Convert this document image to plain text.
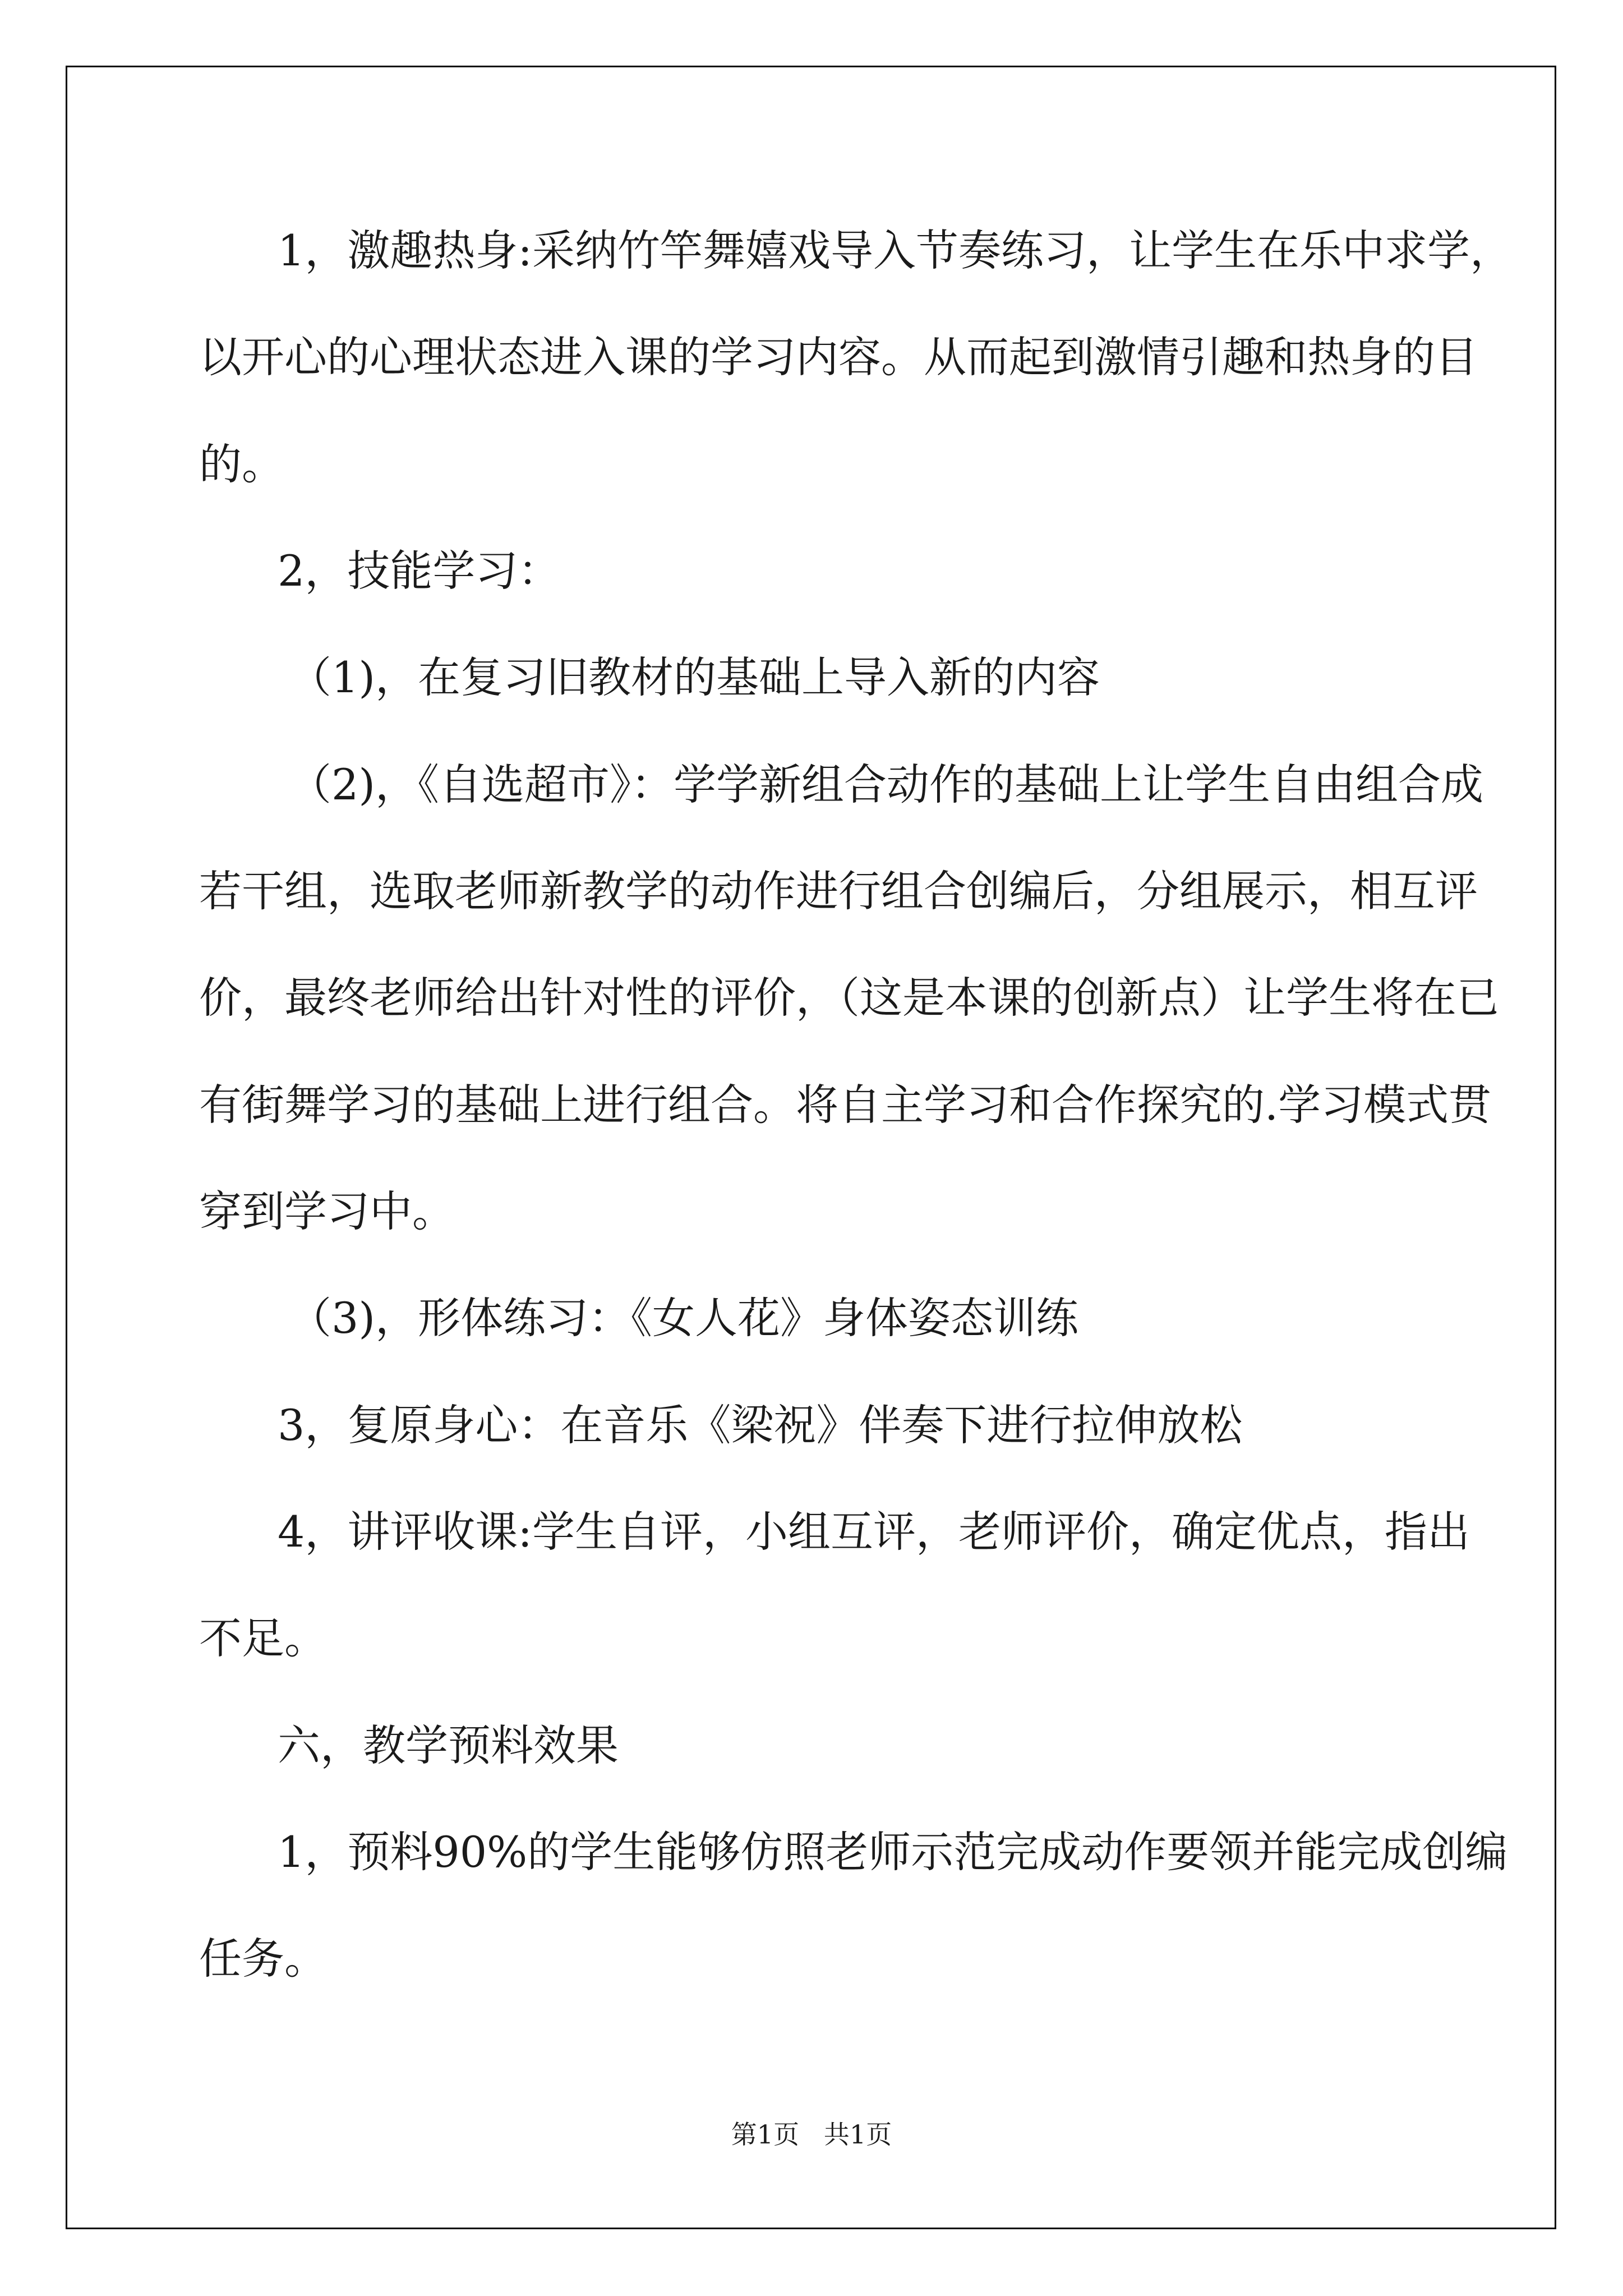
1，激趣热身:采纳竹竿舞嬉戏导入节奏练习，让学生在乐中求学，

以开心的心理状态进入课的学习内容。从而起到激情引趣和热身的目

的。

2，技能学习：

（1)，在复习旧教材的基础上导入新的内容

（2)，《自选超市》：学学新组合动作的基础上让学生自由组合成

若干组，选取老师新教学的动作进行组合创编后，分组展示，相互评

价，最终老师给出针对性的评价，（这是本课的创新点）让学生将在已

有街舞学习的基础上进行组合。将自主学习和合作探究的.学习模式贯

穿到学习中。

（3)，形体练习：《女人花》身体姿态训练

3，复原身心：在音乐《梁祝》伴奏下进行拉伸放松

4，讲评收课:学生自评，小组互评，老师评价，确定优点，指出

不足。

六，教学预料效果

1，预料90%的学生能够仿照老师示范完成动作要领并能完成创编

任务。

第1页   共1页
